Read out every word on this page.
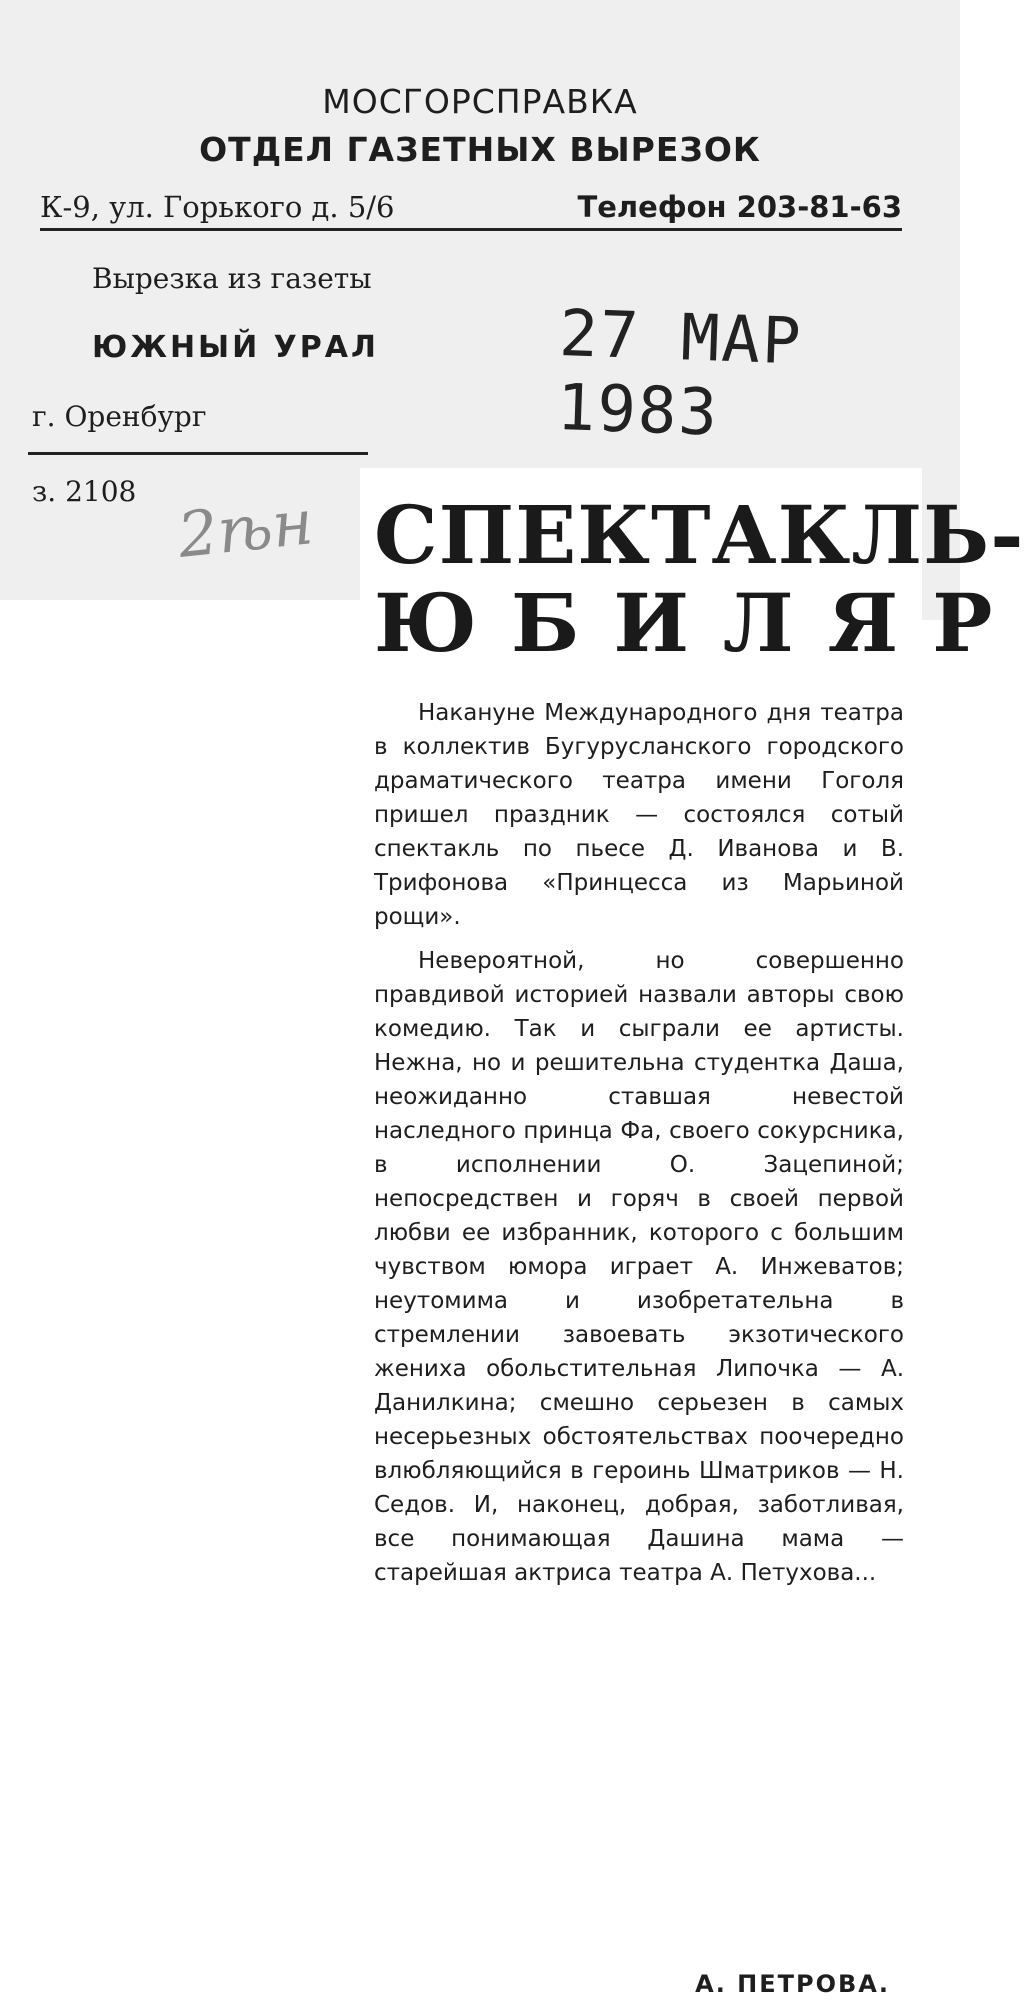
МОСГОРСПРАВКА
ОТДЕЛ ГАЗЕТНЫХ ВЫРЕЗОК
К-9, ул. Горького д. 5/6	Телефон 203-81-63
Вырезка из газеты
ЮЖНЫЙ УРАЛ
г. Оренбург
з. 2108
27 МАР 1983
2ѣн СПЕКТАКЛЬ-
ЮБИЛЯР

Накануне Международного дня театра в коллектив Бугурусланского городского драматического театра имени Гоголя пришел праздник — состоялся сотый спектакль по пьесе Д. Иванова и В. Трифонова «Принцесса из Марьиной рощи».

Невероятной, но совершенно правдивой историей назвали авторы свою комедию. Так и сыграли ее артисты. Нежна, но и решительна студентка Даша, неожиданно ставшая невестой наследного принца Фа, своего сокурсника, в исполнении О. Зацепиной; непосредствен и горяч в своей первой любви ее избранник, которого с большим чувством юмора играет А. Инжеватов; неутомима и изобретательна в стремлении завоевать экзотического жениха обольстительная Липочка — А. Данилкина; смешно серьезен в самых несерьезных обстоятельствах поочередно влюбляющийся в героинь Шматриков — Н. Седов. И, наконец, добрая, заботливая, все понимающая Дашина мама — старейшая актриса театра А. Петухова...

А. ПЕТРОВА.
